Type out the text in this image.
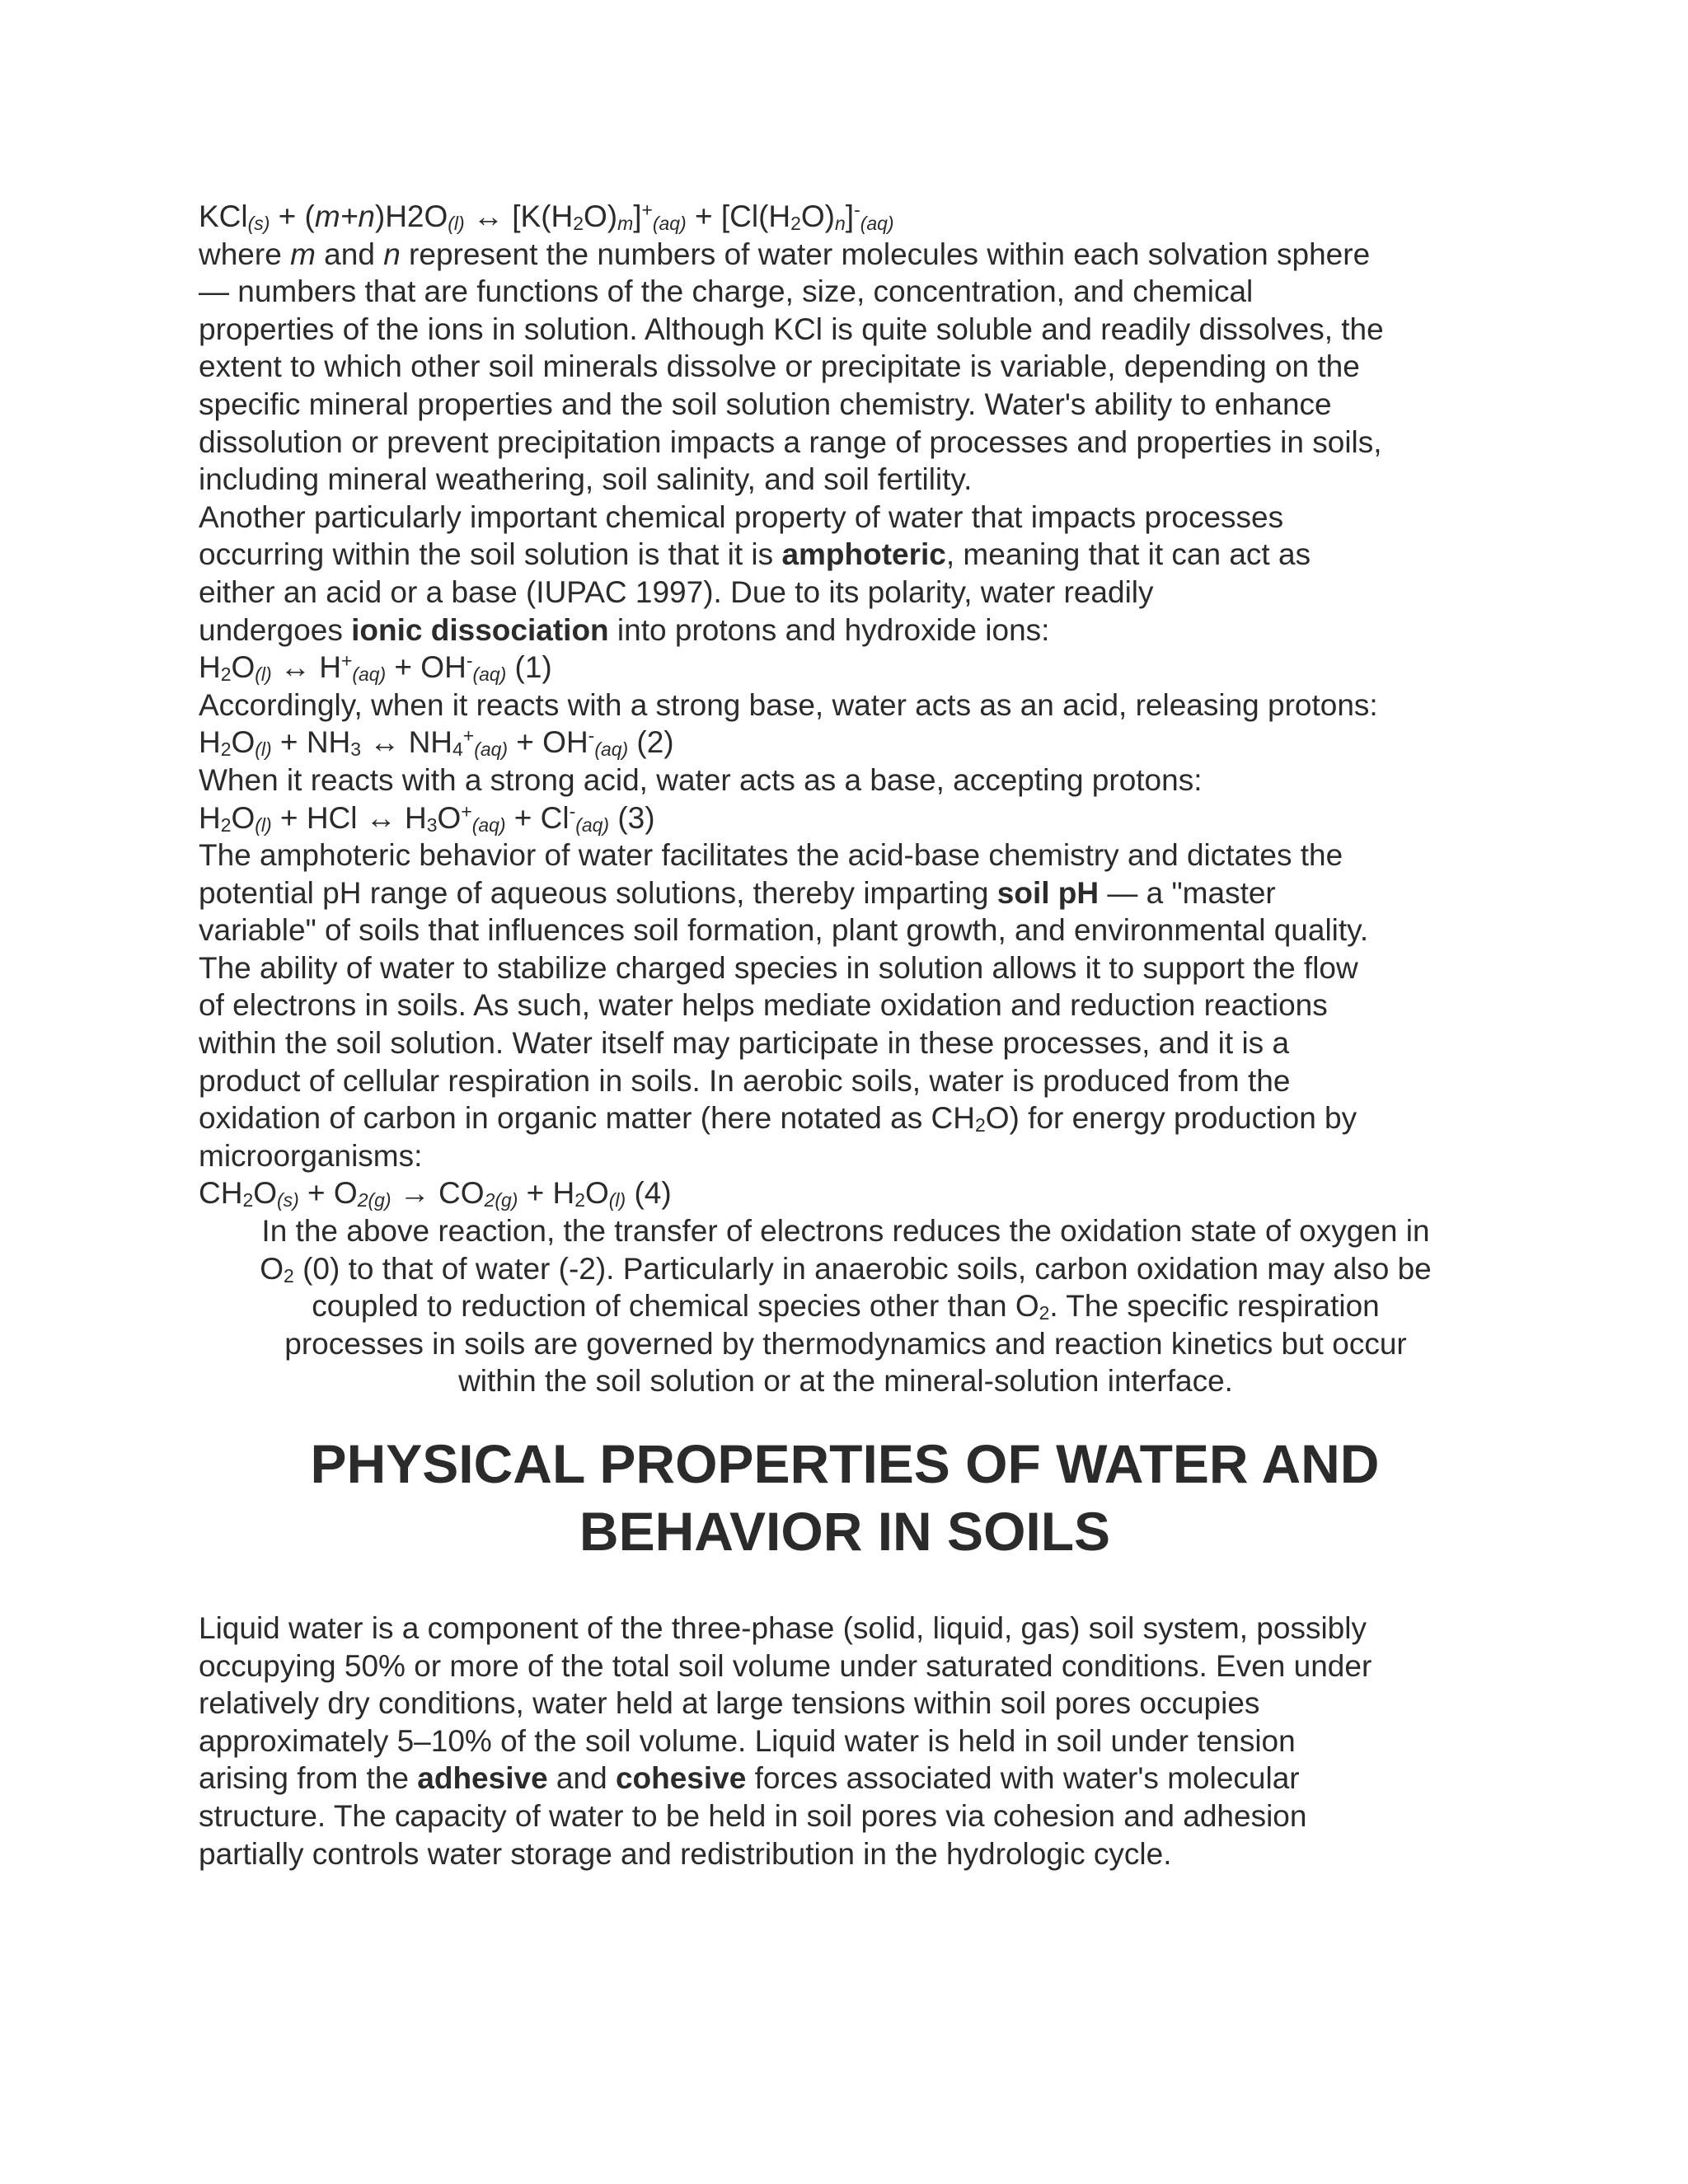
$KCl_{(s)} + (m+n)H2O_{(l)}$ ↔ $[K(H_2O)_m]^+_{(aq)} + [Cl(H_2O)_n]^-_{(aq)}$
where m and n represent the numbers of water molecules within each solvation sphere
— numbers that are functions of the charge, size, concentration, and chemical
properties of the ions in solution. Although KCl is quite soluble and readily dissolves, the
extent to which other soil minerals dissolve or precipitate is variable, depending on the
specific mineral properties and the soil solution chemistry. Water's ability to enhance
dissolution or prevent precipitation impacts a range of processes and properties in soils,
including mineral weathering, soil salinity, and soil fertility.
Another particularly important chemical property of water that impacts processes
occurring within the soil solution is that it is amphoteric, meaning that it can act as
either an acid or a base (IUPAC 1997). Due to its polarity, water readily
undergoes ionic dissociation into protons and hydroxide ions:
$H_2O_{(l)}$ ↔ $H^+_{(aq)} + OH^-_{(aq)}$ (1)
Accordingly, when it reacts with a strong base, water acts as an acid, releasing protons:
$H_2O_{(l)} + NH_3$ ↔ $NH_4^+_{(aq)} + OH^-_{(aq)}$ (2)
When it reacts with a strong acid, water acts as a base, accepting protons:
$H_2O_{(l)}$ + HCl ↔ $H_3O^+_{(aq)} + Cl^-_{(aq)}$ (3)
The amphoteric behavior of water facilitates the acid-base chemistry and dictates the
potential pH range of aqueous solutions, thereby imparting soil pH — a "master
variable" of soils that influences soil formation, plant growth, and environmental quality.
The ability of water to stabilize charged species in solution allows it to support the flow
of electrons in soils. As such, water helps mediate oxidation and reduction reactions
within the soil solution. Water itself may participate in these processes, and it is a
product of cellular respiration in soils. In aerobic soils, water is produced from the
oxidation of carbon in organic matter (here notated as $CH_2O$) for energy production by
microorganisms:
$CH_2O_{(s)} + O_{2(g)} \to CO_{2(g)} + H_2O_{(l)}$ (4)
In the above reaction, the transfer of electrons reduces the oxidation state of oxygen in
$O_2$ (0) to that of water (-2). Particularly in anaerobic soils, carbon oxidation may also be
coupled to reduction of chemical species other than $O_2$. The specific respiration
processes in soils are governed by thermodynamics and reaction kinetics but occur
within the soil solution or at the mineral-solution interface.
PHYSICAL PROPERTIES OF WATER AND
BEHAVIOR IN SOILS
Liquid water is a component of the three-phase (solid, liquid, gas) soil system, possibly
occupying 50% or more of the total soil volume under saturated conditions. Even under
relatively dry conditions, water held at large tensions within soil pores occupies
approximately 5–10% of the soil volume. Liquid water is held in soil under tension
arising from the adhesive and cohesive forces associated with water's molecular
structure. The capacity of water to be held in soil pores via cohesion and adhesion
partially controls water storage and redistribution in the hydrologic cycle.
